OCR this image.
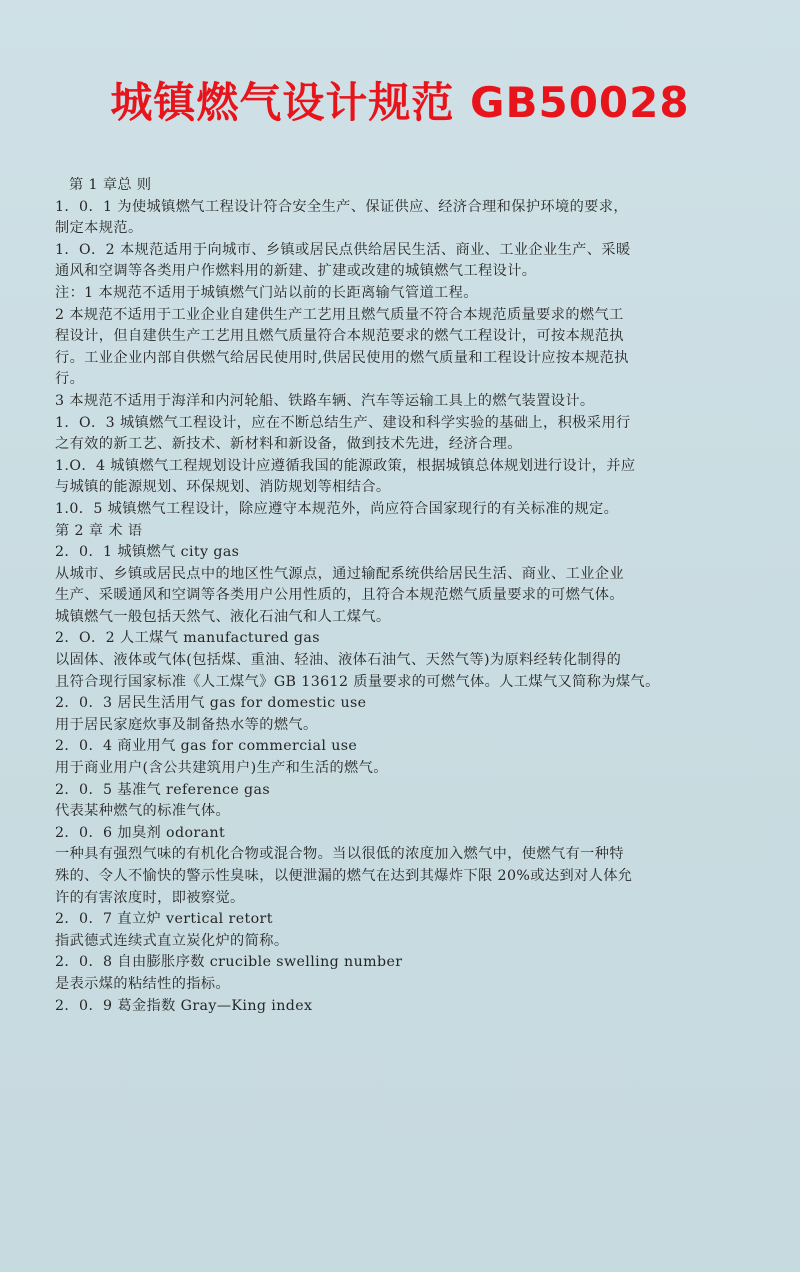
城镇燃气设计规范 GB50028
第 1 章总 则
1．0．1 为使城镇燃气工程设计符合安全生产、保证供应、经济合理和保护环境的要求，
制定本规范。
1．O．2 本规范适用于向城市、乡镇或居民点供给居民生活、商业、工业企业生产、采暖
通风和空调等各类用户作燃料用的新建、扩建或改建的城镇燃气工程设计。
注：1 本规范不适用于城镇燃气门站以前的长距离输气管道工程。
2 本规范不适用于工业企业自建供生产工艺用且燃气质量不符合本规范质量要求的燃气工
程设计，但自建供生产工艺用且燃气质量符合本规范要求的燃气工程设计，可按本规范执
行。工业企业内部自供燃气给居民使用时,供居民使用的燃气质量和工程设计应按本规范执
行。
3 本规范不适用于海洋和内河轮船、铁路车辆、汽车等运输工具上的燃气装置设计。
1．O．3 城镇燃气工程设计，应在不断总结生产、建设和科学实验的基础上，积极采用行
之有效的新工艺、新技术、新材料和新设备，做到技术先进，经济合理。
1.O．4 城镇燃气工程规划设计应遵循我国的能源政策，根据城镇总体规划进行设计，并应
与城镇的能源规划、环保规划、消防规划等相结合。
1.0．5 城镇燃气工程设计，除应遵守本规范外，尚应符合国家现行的有关标准的规定。
第 2 章 术 语
2．0．1 城镇燃气 city gas
从城市、乡镇或居民点中的地区性气源点，通过输配系统供给居民生活、商业、工业企业
生产、采暖通风和空调等各类用户公用性质的，且符合本规范燃气质量要求的可燃气体。
城镇燃气一般包括天然气、液化石油气和人工煤气。
2．O．2 人工煤气 manufactured gas
以固体、液体或气体(包括煤、重油、轻油、液体石油气、天然气等)为原料经转化制得的
且符合现行国家标准《人工煤气》GB 13612 质量要求的可燃气体。人工煤气又简称为煤气。
2．0．3 居民生活用气 gas for domestic use
用于居民家庭炊事及制备热水等的燃气。
2．0．4 商业用气 gas for commercial use
用于商业用户(含公共建筑用户)生产和生活的燃气。
2．0．5 基准气 reference gas
代表某种燃气的标准气体。
2．0．6 加臭剂 odorant
一种具有强烈气味的有机化合物或混合物。当以很低的浓度加入燃气中，使燃气有一种特
殊的、令人不愉快的警示性臭味，以便泄漏的燃气在达到其爆炸下限 20%或达到对人体允
许的有害浓度时，即被察觉。
2．0．7 直立炉 vertical retort
指武德式连续式直立炭化炉的简称。
2．0．8 自由膨胀序数 crucible swelling number
是表示煤的粘结性的指标。
2．0．9 葛金指数 Gray—King index
